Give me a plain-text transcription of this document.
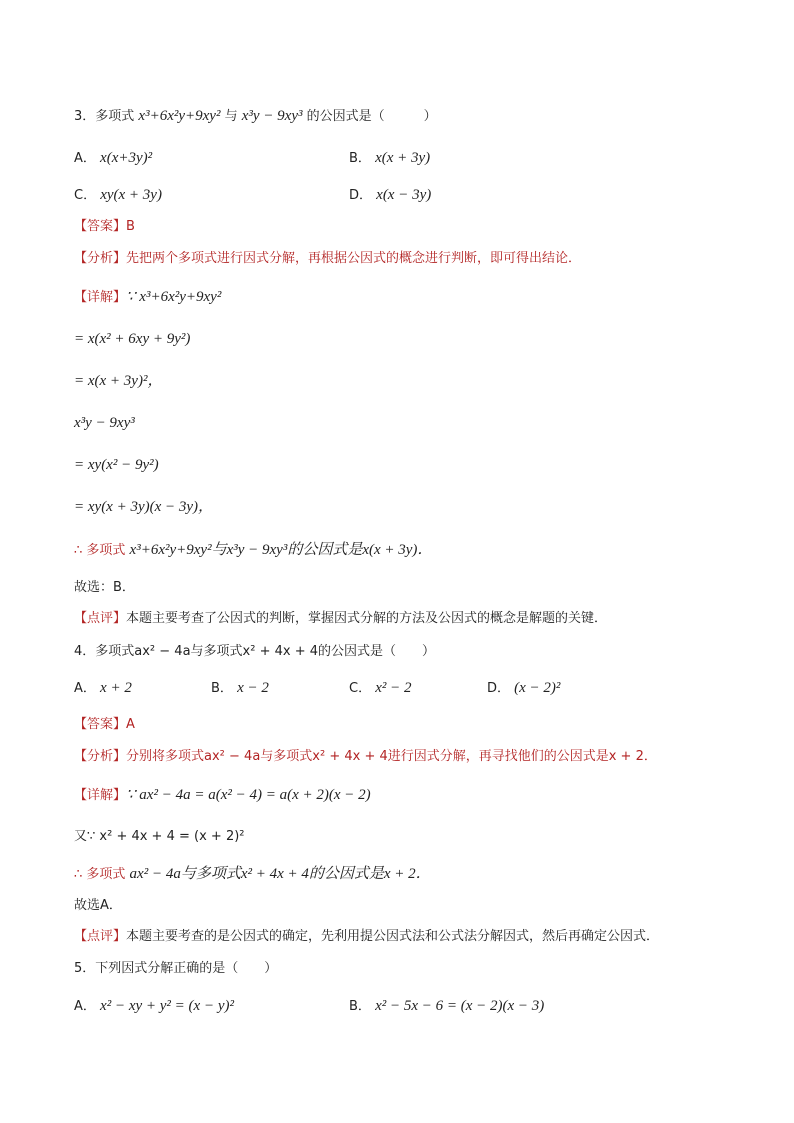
3．多项式 x³+6x²y+9xy² 与 x³y − 9xy³ 的公因式是（　　　）
A． x(x+3y)²	B． x(x + 3y)
C． xy(x + 3y)	D． x(x − 3y)
【答案】B
【分析】先把两个多项式进行因式分解，再根据公因式的概念进行判断，即可得出结论．
【详解】∵ x³+6x²y+9xy²
= x(x² + 6xy + 9y²)
= x(x + 3y)²，
x³y − 9xy³
= xy(x² − 9y²)
= xy(x + 3y)(x − 3y)，
∴ 多项式 x³+6x²y+9xy²与x³y − 9xy³的公因式是x(x + 3y)．
故选：B．
【点评】本题主要考查了公因式的判断，掌握因式分解的方法及公因式的概念是解题的关键．
4．多项式ax² − 4a与多项式x² + 4x + 4的公因式是（　　）
A． x + 2	B． x − 2	C． x² − 2	D． (x − 2)²
【答案】A
【分析】分别将多项式ax² − 4a与多项式x² + 4x + 4进行因式分解，再寻找他们的公因式是x + 2．
【详解】∵ ax² − 4a = a(x² − 4) = a(x + 2)(x − 2)
又∵ x² + 4x + 4 = (x + 2)²
∴ 多项式 ax² − 4a与多项式x² + 4x + 4的公因式是x + 2．
故选A．
【点评】本题主要考查的是公因式的确定，先利用提公因式法和公式法分解因式，然后再确定公因式．
5．下列因式分解正确的是（　　）
A． x² − xy + y² = (x − y)²	B． x² − 5x − 6 = (x − 2)(x − 3)
